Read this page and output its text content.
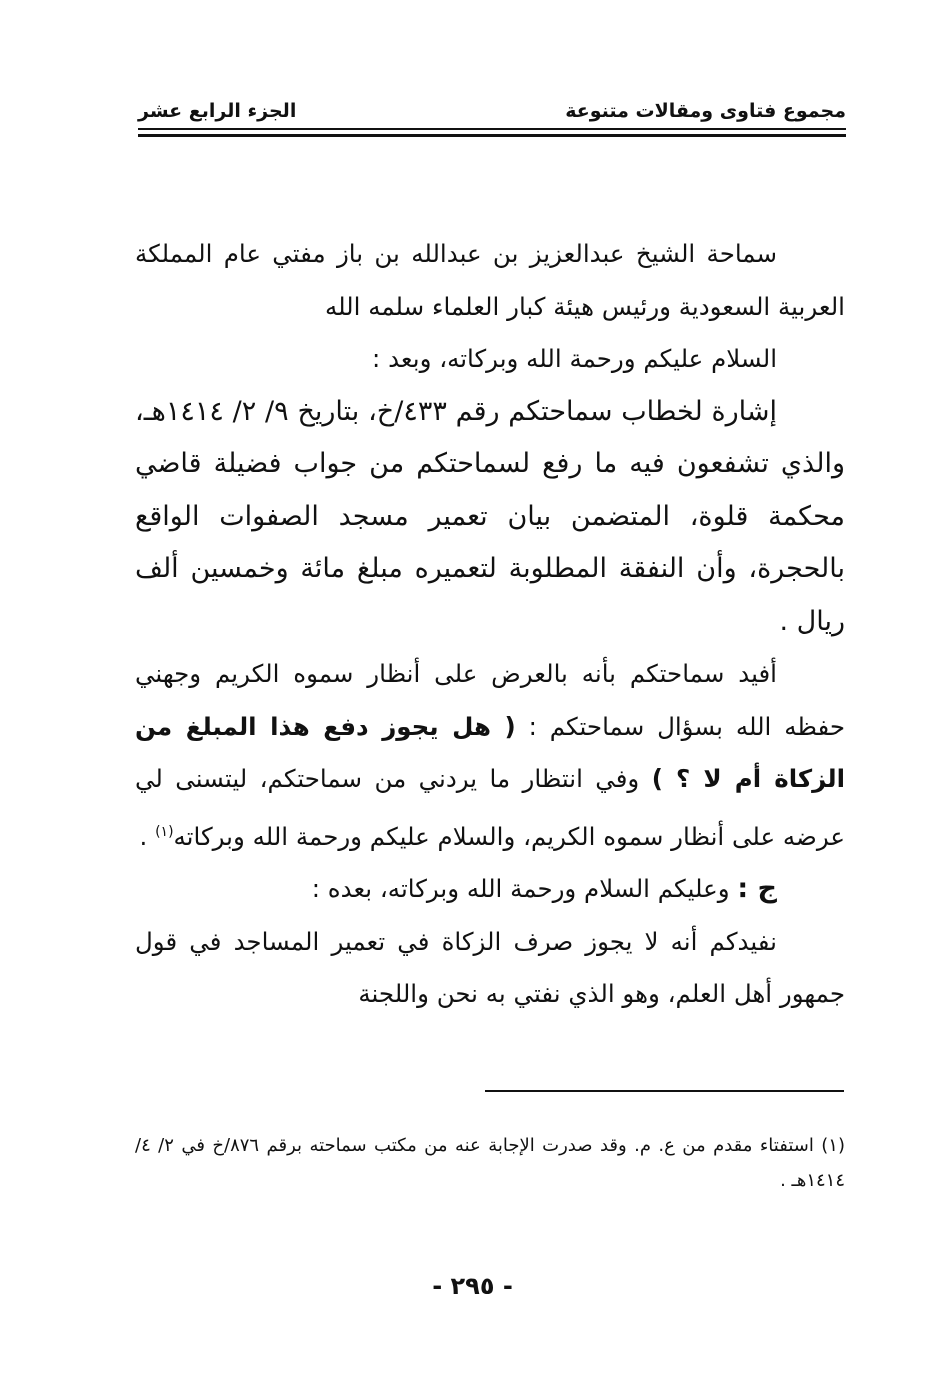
مجموع فتاوى ومقالات متنوعة
الجزء الرابع عشر

سماحة الشيخ عبدالعزيز بن عبدالله بن باز مفتي عام المملكة العربية السعودية ورئيس هيئة كبار العلماء سلمه الله

السلام عليكم ورحمة الله وبركاته، وبعد :

إشارة لخطاب سماحتكم رقم ٤٣٣/خ، بتاريخ ٩/ ٢/ ١٤١٤هـ، والذي تشفعون فيه ما رفع لسماحتكم من جواب فضيلة قاضي محكمة قلوة، المتضمن بيان تعمير مسجد الصفوات الواقع بالحجرة، وأن النفقة المطلوبة لتعميره مبلغ مائة وخمسين ألف ريال .

أفيد سماحتكم بأنه بالعرض على أنظار سموه الكريم وجهني حفظه الله بسؤال سماحتكم : ( هل يجوز دفع هذا المبلغ من الزكاة أم لا ؟ ) وفي انتظار ما يردني من سماحتكم، ليتسنى لي عرضه على أنظار سموه الكريم، والسلام عليكم ورحمة الله وبركاته$^{(١)}$ .

ج : وعليكم السلام ورحمة الله وبركاته، بعده :

نفيدكم أنه لا يجوز صرف الزكاة في تعمير المساجد في قول جمهور أهل العلم، وهو الذي نفتي به نحن واللجنة

(١) استفتاء مقدم من ع. م. وقد صدرت الإجابة عنه من مكتب سماحته برقم ٨٧٦/خ في ٢/ ٤/ ١٤١٤هـ .

- ٢٩٥ -
